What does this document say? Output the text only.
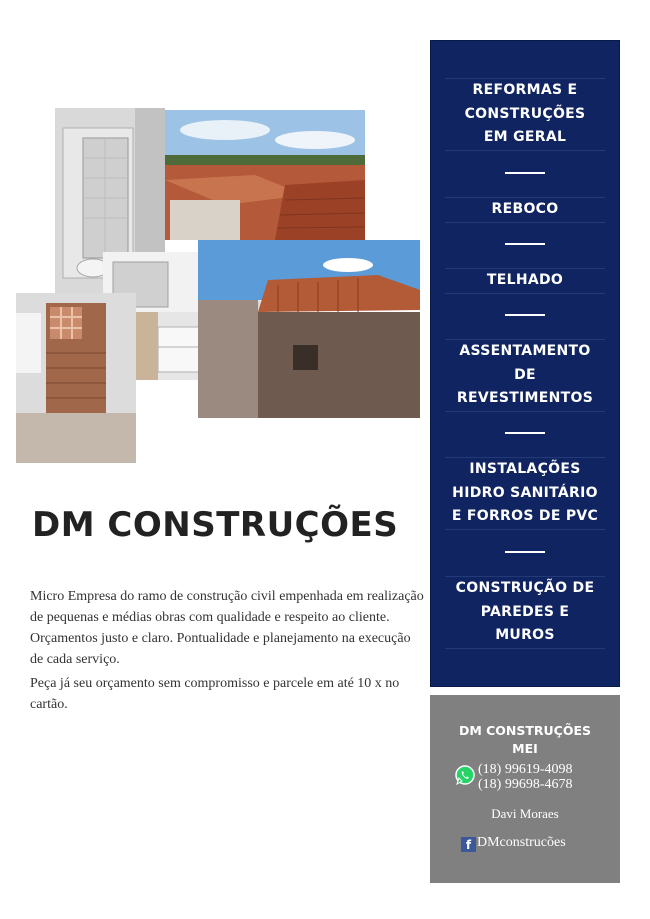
DM CONSTRUÇÕES

Micro Empresa do ramo de construção civil empenhada em realização de pequenas e médias obras com qualidade e respeito ao cliente. Orçamentos justo e claro. Pontualidade e planejamento na execução de cada serviço.

Peça já seu orçamento sem compromisso e parcele em até 10 x no cartão.

REFORMAS E
CONSTRUÇÕES
EM GERAL
REBOCO
TELHADO
ASSENTAMENTO
DE
REVESTIMENTOS
INSTALAÇÕES
HIDRO SANITÁRIO
E FORROS DE PVC
CONSTRUÇÃO DE
PAREDES E
MUROS
DM CONSTRUÇÕES
MEI
(18) 99619-4098
(18) 99698-4678
Davi Moraes
f DMconstrucões
